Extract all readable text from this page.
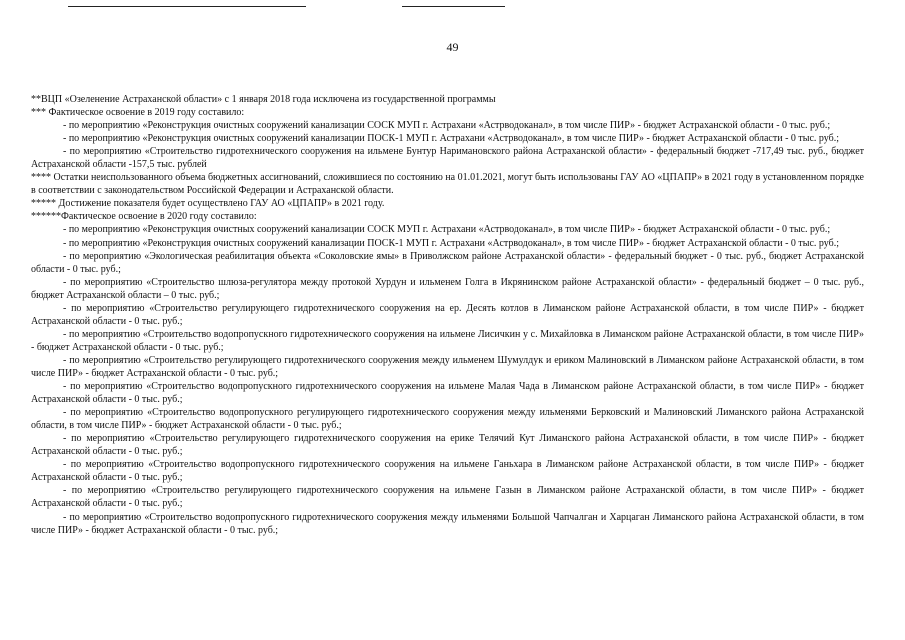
49

**ВЦП «Озеленение Астраханской области» с 1 января 2018 года исключена из государственной программы

*** Фактическое освоение в 2019 году составило:

- по мероприятию «Реконструкция очистных сооружений канализации СОСК МУП г. Астрахани «Астрводоканал», в том числе ПИР» - бюджет Астраханской области - 0 тыс. руб.;

- по мероприятию «Реконструкция очистных сооружений канализации ПОСК-1 МУП г. Астрахани «Астрводоканал», в том числе ПИР» - бюджет Астраханской области - 0 тыс. руб.;

- по мероприятию «Строительство гидротехнического сооружения на ильмене Бунтур Наримановского района Астраханской области» - федеральный бюджет -717,49 тыс. руб., бюджет Астраханской области -157,5 тыс. рублей

**** Остатки неиспользованного объема бюджетных ассигнований, сложившиеся по состоянию на 01.01.2021, могут быть использованы ГАУ АО «ЦПАПР» в 2021 году в установленном порядке в соответствии с законодательством Российской Федерации и Астраханской области.

***** Достижение показателя будет осуществлено ГАУ АО «ЦПАПР» в 2021 году.

******Фактическое освоение в 2020 году составило:

- по мероприятию «Реконструкция очистных сооружений канализации СОСК МУП г. Астрахани «Астрводоканал», в том числе ПИР» - бюджет Астраханской области - 0 тыс. руб.;

- по мероприятию «Реконструкция очистных сооружений канализации ПОСК-1 МУП г. Астрахани «Астрводоканал», в том числе ПИР» - бюджет Астраханской области - 0 тыс. руб.;

- по мероприятию «Экологическая реабилитация объекта «Соколовские ямы» в Приволжском районе Астраханской области» - федеральный бюджет - 0 тыс. руб., бюджет Астраханской области - 0 тыс. руб.;

- по мероприятию «Строительство шлюза-регулятора между протокой Хурдун и ильменем Голга в Икрянинском районе Астраханской области» - федеральный бюджет – 0 тыс. руб., бюджет Астраханской области – 0 тыс. руб.;

- по мероприятию «Строительство регулирующего гидротехнического сооружения на ер. Десять котлов в Лиманском районе Астраханской области, в том числе ПИР» - бюджет Астраханской области - 0 тыс. руб.;

- по мероприятию «Строительство водопропускного гидротехнического сооружения на ильмене Лисичкин у с. Михайловка в Лиманском районе Астраханской области, в том числе ПИР» - бюджет Астраханской области - 0 тыс. руб.;

- по мероприятию «Строительство регулирующего гидротехнического сооружения между ильменем Шумулдук и ериком Малиновский в Лиманском районе Астраханской области, в том числе ПИР» - бюджет Астраханской области - 0 тыс. руб.;

- по мероприятию «Строительство водопропускного гидротехнического сооружения на ильмене Малая Чада в Лиманском районе Астраханской области, в том числе ПИР» - бюджет Астраханской области - 0 тыс. руб.;

- по мероприятию «Строительство водопропускного регулирующего гидротехнического сооружения между ильменями Берковский и Малиновский Лиманского района Астраханской области, в том числе ПИР» - бюджет Астраханской области - 0 тыс. руб.;

- по мероприятию «Строительство регулирующего гидротехнического сооружения на ерике Телячий Кут Лиманского района Астраханской области, в том числе ПИР» - бюджет Астраханской области - 0 тыс. руб.;

- по мероприятию «Строительство водопропускного гидротехнического сооружения на ильмене Ганьхара в Лиманском районе Астраханской области, в том числе ПИР» - бюджет Астраханской области - 0 тыс. руб.;

- по мероприятию «Строительство регулирующего гидротехнического сооружения на ильмене Газын в Лиманском районе Астраханской области, в том числе ПИР» - бюджет Астраханской области - 0 тыс. руб.;

- по мероприятию «Строительство водопропускного гидротехнического сооружения между ильменями Большой Чапчалган и Харцаган Лиманского района Астраханской области, в том числе ПИР» - бюджет Астраханской области - 0 тыс. руб.;
